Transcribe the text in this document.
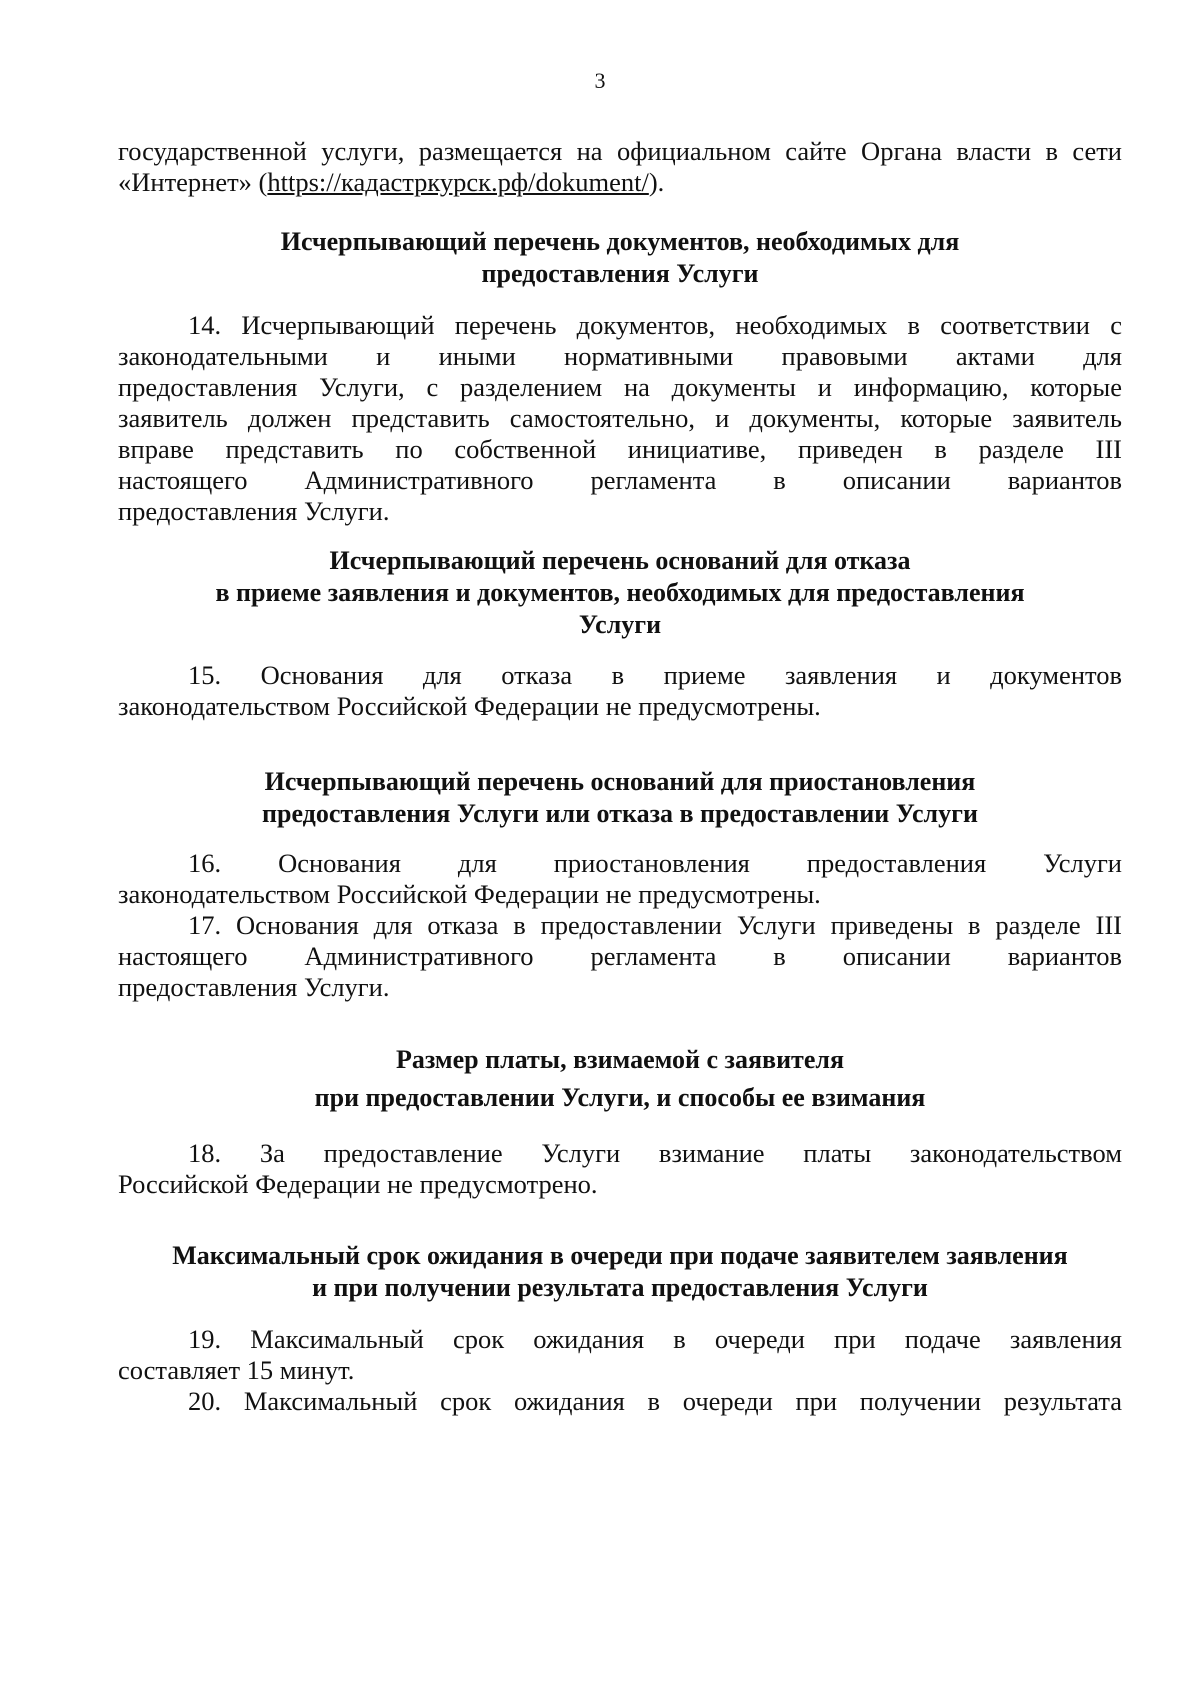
3
государственной услуги, размещается на официальном сайте Органа власти в сети
«Интернет» (https://кадастркурск.рф/dokument/).
Исчерпывающий перечень документов, необходимых для
предоставления Услуги
14. Исчерпывающий перечень документов, необходимых в соответствии с
законодательными и иными нормативными правовыми актами для
предоставления Услуги, с разделением на документы и информацию, которые
заявитель должен представить самостоятельно, и документы, которые заявитель
вправе представить по собственной инициативе, приведен в разделе III
настоящего Административного регламента в описании вариантов
предоставления Услуги.
Исчерпывающий перечень оснований для отказа
в приеме заявления и документов, необходимых для предоставления
Услуги
15. Основания для отказа в приеме заявления и документов
законодательством Российской Федерации не предусмотрены.
Исчерпывающий перечень оснований для приостановления
предоставления Услуги или отказа в предоставлении Услуги
16. Основания для приостановления предоставления Услуги
законодательством Российской Федерации не предусмотрены.
17. Основания для отказа в предоставлении Услуги приведены в разделе III
настоящего Административного регламента в описании вариантов
предоставления Услуги.
Размер платы, взимаемой с заявителя
при предоставлении Услуги, и способы ее взимания
18. За предоставление Услуги взимание платы законодательством
Российской Федерации не предусмотрено.
Максимальный срок ожидания в очереди при подаче заявителем заявления
и при получении результата предоставления Услуги
19. Максимальный срок ожидания в очереди при подаче заявления
составляет 15 минут.
20. Максимальный срок ожидания в очереди при получении результата
